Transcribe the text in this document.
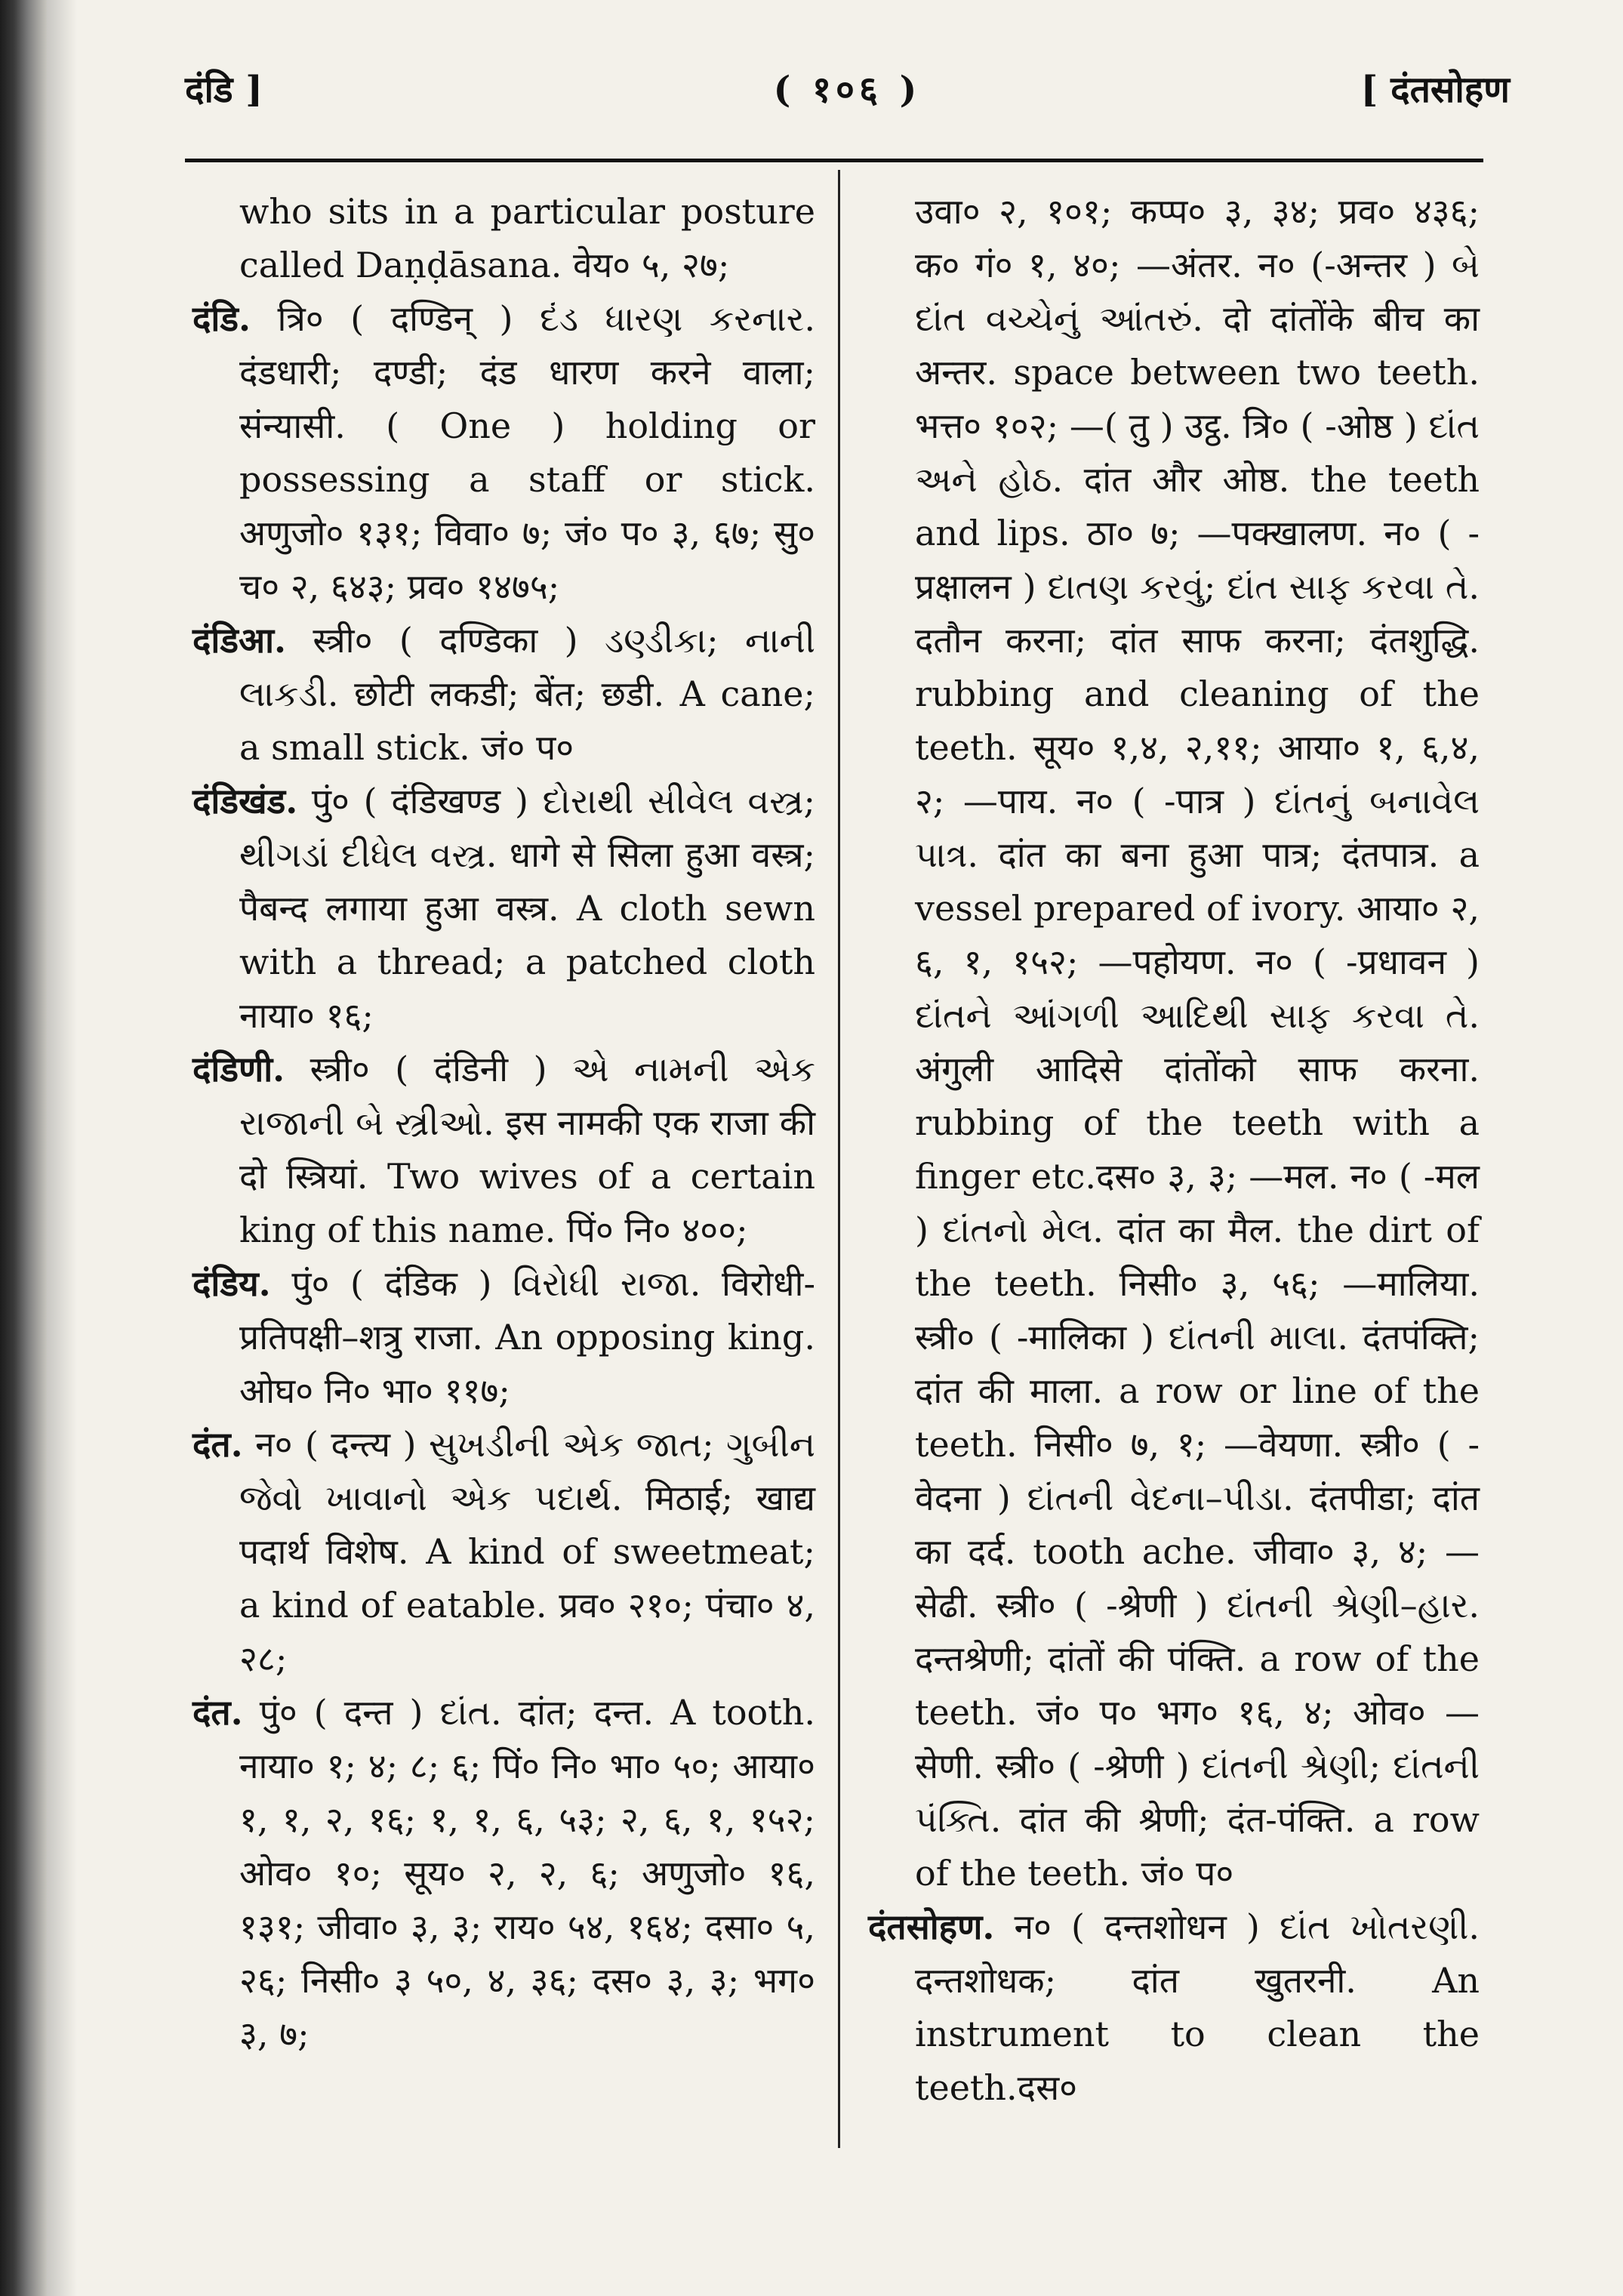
दंडि ]	( १०६ )	[ दंतसोहण

who sits in a particular posture called Daṇḍāsana. वेय० ५, २७;

दंडि. त्रि० ( दण्डिन् ) દંડ ધારણ કરનાર. दंडधारी; दण्डी; दंड धारण करने वाला; संन्यासी. ( One ) holding or possessing a staff or stick. अणुजो० १३१; विवा० ७; जं० प० ३, ६७; सु० च० २, ६४३; प्रव० १४७५;

दंडिआ. स्त्री० ( दण्डिका ) ડણ્ડીકા; નાની લાકડી. छोटी लकडी; बेंत; छडी. A cane; a small stick. जं० प०

दंडिखंड. पुं० ( दंडिखण्ड ) દોરાથી સીવેલ વસ્ત્ર; થીગડાં દીધેલ વસ્ત્ર. धागे से सिला हुआ वस्त्र; पैबन्द लगाया हुआ वस्त्र. A cloth sewn with a thread; a patched cloth नाया० १६;

दंडिणी. स्त्री० ( दंडिनी ) એ નામની એક રાજાની બે સ્ત્રીઓ. इस नामकी एक राजा की दो स्त्रियां. Two wives of a certain king of this name. पिं० नि० ४००;

दंडिय. पुं० ( दंडिक ) વિરોધી રાજા. विरोधी-प्रतिपक्षी–शत्रु राजा. An opposing king. ओघ० नि० भा० ११७;

दंत. न० ( दन्त्य ) સુખડીની એક જાત; ગુબીન જેવો ખાવાનો એક પદાર્થ. मिठाई; खाद्य पदार्थ विशेष. A kind of sweetmeat; a kind of eatable. प्रव० २१०; पंचा० ४, २८;

दंत. पुं० ( दन्त ) દાંત. दांत; दन्त. A tooth. नाया० १; ४; ८; ६; पिं० नि० भा० ५०; आया० १, १, २, १६; १, १, ६, ५३; २, ६, १, १५२; ओव० १०; सूय० २, २, ६; अणुजो० १६, १३१; जीवा० ३, ३; राय० ५४, १६४; दसा० ५, २६; निसी० ३ ५०, ४, ३६; दस० ३, ३; भग० ३, ७;

उवा० २, १०१; कप्प० ३, ३४; प्रव० ४३६; क० गं० १, ४०; —अंतर. न० (-अन्तर ) બે દાંત વચ્ચેનું આંતરું. दो दांतोंके बीच का अन्तर. space between two teeth. भत्त० १०२; —( तु ) उट्ठ. त्रि० ( -ओष्ठ ) દાંત અને હોઠ. दांत और ओष्ठ. the teeth and lips. ठा० ७; —पक्खालण. न० ( -प्रक्षालन ) દાતણ કરવું; દાંત સાફ કરવા તે. दतौन करना; दांत साफ करना; दंतशुद्धि. rubbing and cleaning of the teeth. सूय० १,४, २,११; आया० १, ६,४, २; —पाय. न० ( -पात्र ) દાંતનું બનાવેલ પાત્ર. दांत का बना हुआ पात्र; दंतपात्र. a vessel prepared of ivory. आया० २, ६, १, १५२; —पहोयण. न० ( -प्रधावन ) દાંતને આંગળી આદિથી સાફ કરવા તે. अंगुली आदिसे दांतोंको साफ करना. rubbing of the teeth with a finger etc.दस० ३, ३; —मल. न० ( -मल ) દાંતનો મેલ. दांत का मैल. the dirt of the teeth. निसी० ३, ५६; —मालिया. स्त्री० ( -मालिका ) દાંતની માલા. दंतपंक्ति; दांत की माला. a row or line of the teeth. निसी० ७, १; —वेयणा. स्त्री० ( -वेदना ) દાંતની વેદના–પીડા. दंतपीडा; दांत का दर्द. tooth ache. जीवा० ३, ४; —सेढी. स्त्री० ( -श्रेणी ) દાંતની શ્રેણી–હાર. दन्तश्रेणी; दांतों की पंक्ति. a row of the teeth. जं० प० भग० १६, ४; ओव० —सेणी. स्त्री० ( -श्रेणी ) દાંતની શ્રેણી; દાંતની પંક્તિ. दांत की श्रेणी; दंत-पंक्ति. a row of the teeth. जं० प०

दंतसोहण. न० ( दन्तशोधन ) દાંત ખોતરણી. दन्तशोधक; दांत खुतरनी. An instrument to clean the teeth.दस०
